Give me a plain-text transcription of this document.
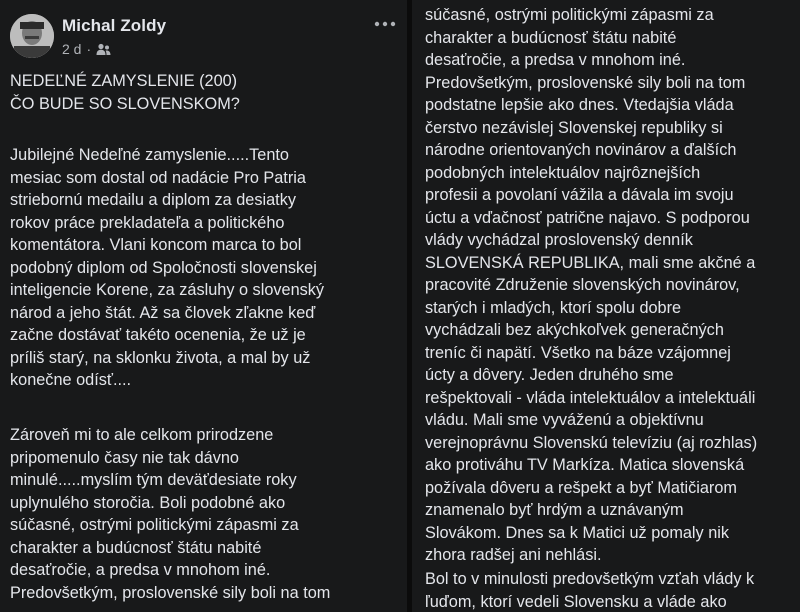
Michal Zoldy
2 d ·

NEDEĽNÉ ZAMYSLENIE (200)

ČO BUDE SO SLOVENSKOM?

Jubilejné Nedeľné zamyslenie.....Tento

mesiac som dostal od nadácie Pro Patria

striebornú medailu a diplom za desiatky

rokov práce prekladateľa a politického

komentátora. Vlani koncom marca to bol

podobný diplom od Spoločnosti slovenskej

inteligencie Korene, za zásluhy o slovenský

národ a jeho štát. Až sa človek zľakne keď

začne dostávať takéto ocenenia, že už je

príliš starý, na sklonku života, a mal by už

konečne odísť....

Zároveň mi to ale celkom prirodzene

pripomenulo časy nie tak dávno

minulé.....myslím tým deväťdesiate roky

uplynulého storočia. Boli podobné ako

súčasné, ostrými politickými zápasmi za

charakter a budúcnosť štátu nabité

desaťročie, a predsa v mnohom iné.

Predovšetkým, proslovenské sily boli na tom

súčasné, ostrými politickými zápasmi za

charakter a budúcnosť štátu nabité

desaťročie, a predsa v mnohom iné.

Predovšetkým, proslovenské sily boli na tom

podstatne lepšie ako dnes. Vtedajšia vláda

čerstvo nezávislej Slovenskej republiky si

národne orientovaných novinárov a ďalších

podobných intelektuálov najrôznejších

profesii a povolaní vážila a dávala im svoju

úctu a vďačnosť patrične najavo. S podporou

vlády vychádzal proslovenský denník

SLOVENSKÁ REPUBLIKA, mali sme akčné a

pracovité Združenie slovenských novinárov,

starých i mladých, ktorí spolu dobre

vychádzali bez akýchkoľvek generačných

treníc či napätí. Všetko na báze vzájomnej

úcty a dôvery. Jeden druhého sme

rešpektovali - vláda intelektuálov a intelektuáli

vládu. Mali sme vyváženú a objektívnu

verejnoprávnu Slovenskú televíziu (aj rozhlas)

ako protiváhu TV Markíza. Matica slovenská

požívala dôveru a rešpekt a byť Matičiarom

znamenalo byť hrdým a uznávaným

Slovákom. Dnes sa k Matici už pomaly nik

zhora radšej ani nehlási.

Bol to v minulosti predovšetkým vzťah vlády k

ľuďom, ktorí vedeli Slovensku a vláde ako
